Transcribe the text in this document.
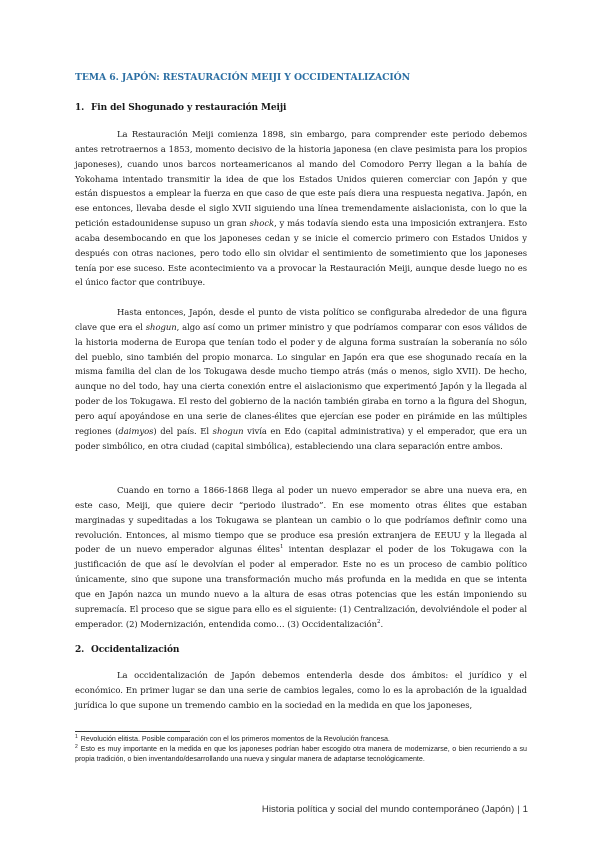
TEMA 6. JAPÓN: RESTAURACIÓN MEIJI Y OCCIDENTALIZACIÓN
1. Fin del Shogunado y restauración Meiji

La Restauración Meiji comienza 1898, sin embargo, para comprender este periodo debemos antes retrotraernos a 1853, momento decisivo de la historia japonesa (en clave pesimista para los propios japoneses), cuando unos barcos norteamericanos al mando del Comodoro Perry llegan a la bahía de Yokohama intentado transmitir la idea de que los Estados Unidos quieren comerciar con Japón y que están dispuestos a emplear la fuerza en que caso de que este país diera una respuesta negativa. Japón, en ese entonces, llevaba desde el siglo XVII siguiendo una línea tremendamente aislacionista, con lo que la petición estadounidense supuso un gran shock, y más todavía siendo esta una imposición extranjera. Esto acaba desembocando en que los japoneses cedan y se inicie el comercio primero con Estados Unidos y después con otras naciones, pero todo ello sin olvidar el sentimiento de sometimiento que los japoneses tenía por ese suceso. Este acontecimiento va a provocar la Restauración Meiji, aunque desde luego no es el único factor que contribuye.

Hasta entonces, Japón, desde el punto de vista político se configuraba alrededor de una figura clave que era el shogun, algo así como un primer ministro y que podríamos comparar con esos válidos de la historia moderna de Europa que tenían todo el poder y de alguna forma sustraían la soberanía no sólo del pueblo, sino también del propio monarca. Lo singular en Japón era que ese shogunado recaía en la misma familia del clan de los Tokugawa desde mucho tiempo atrás (más o menos, siglo XVII). De hecho, aunque no del todo, hay una cierta conexión entre el aislacionismo que experimentó Japón y la llegada al poder de los Tokugawa. El resto del gobierno de la nación también giraba en torno a la figura del Shogun, pero aquí apoyándose en una serie de clanes-élites que ejercían ese poder en pirámide en las múltiples regiones (daimyos) del país. El shogun vivía en Edo (capital administrativa) y el emperador, que era un poder simbólico, en otra ciudad (capital simbólica), estableciendo una clara separación entre ambos.

Cuando en torno a 1866-1868 llega al poder un nuevo emperador se abre una nueva era, en este caso, Meiji, que quiere decir “periodo ilustrado”. En ese momento otras élites que estaban marginadas y supeditadas a los Tokugawa se plantean un cambio o lo que podríamos definir como una revolución. Entonces, al mismo tiempo que se produce esa presión extranjera de EEUU y la llegada al poder de un nuevo emperador algunas élites$^1$ intentan desplazar el poder de los Tokugawa con la justificación de que así le devolvían el poder al emperador. Este no es un proceso de cambio político únicamente, sino que supone una transformación mucho más profunda en la medida en que se intenta que en Japón nazca un mundo nuevo a la altura de esas otras potencias que les están imponiendo su supremacía. El proceso que se sigue para ello es el siguiente: (1) Centralización, devolviéndole el poder al emperador. (2) Modernización, entendida como… (3) Occidentalización$^2$.

2. Occidentalización

La occidentalización de Japón debemos entenderla desde dos ámbitos: el jurídico y el económico. En primer lugar se dan una serie de cambios legales, como lo es la aprobación de la igualdad jurídica lo que supone un tremendo cambio en la sociedad en la medida en que los japoneses,

$^1$ Revolución elitista. Posible comparación con el los primeros momentos de la Revolución francesa.

$^2$ Esto es muy importante en la medida en que los japoneses podrían haber escogido otra manera de modernizarse, o bien recurriendo a su propia tradición, o bien inventando/desarrollando una nueva y singular manera de adaptarse tecnológicamente.

Historia política y social del mundo contemporáneo (Japón) | 1
